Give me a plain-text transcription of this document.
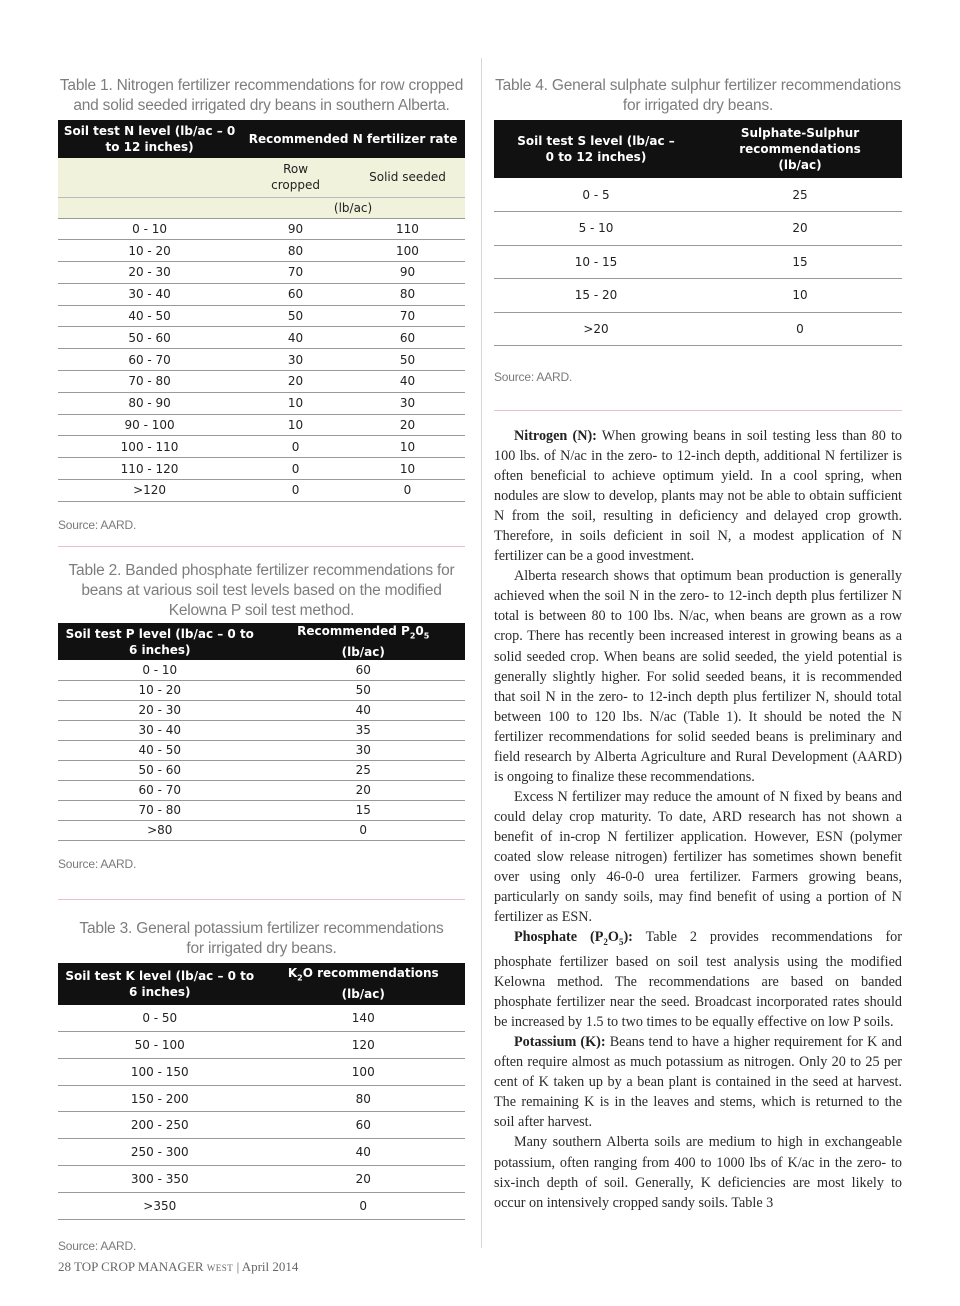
Table 1. Nitrogen fertilizer recommendations for row cropped and solid seeded irrigated dry beans in southern Alberta.
Soil test N level (lb/ac – 0 to 12 inches)	Recommended N fertilizer rate	
	Row cropped	Solid seeded
	(lb/ac)	
0 - 10	90	110
10 - 20	80	100
20 - 30	70	90
30 - 40	60	80
40 - 50	50	70
50 - 60	40	60
60 - 70	30	50
70 - 80	20	40
80 - 90	10	30
90 - 100	10	20
100 - 110	0	10
110 - 120	0	10
>120	0	0
Source: AARD.
Table 2. Banded phosphate fertilizer recommendations for beans at various soil test levels based on the modified Kelowna P soil test method.
Soil test P level (lb/ac – 0 to 6 inches)	Recommended $P_20_5$
(lb/ac)
0 - 10	60
10 - 20	50
20 - 30	40
30 - 40	35
40 - 50	30
50 - 60	25
60 - 70	20
70 - 80	15
>80	0
Source: AARD.
Table 3. General potassium fertilizer recommendations for irrigated dry beans.
Soil test K level (lb/ac – 0 to 6 inches)	$K_2O$ recommendations
(lb/ac)
0 - 50	140
50 - 100	120
100 - 150	100
150 - 200	80
200 - 250	60
250 - 300	40
300 - 350	20
>350	0
Source: AARD.
Table 4. General sulphate sulphur fertilizer recommendations for irrigated dry beans.
Soil test S level (lb/ac – 0 to 12 inches)	Sulphate-Sulphur recommendations (lb/ac)
0 - 5	25
5 - 10	20
10 - 15	15
15 - 20	10
>20	0
Source: AARD.

Nitrogen (N): When growing beans in soil testing less than 80 to 100 lbs. of N/ac in the zero- to 12-inch depth, additional N fertilizer is often beneficial to achieve optimum yield. In a cool spring, when nodules are slow to develop, plants may not be able to obtain sufficient N from the soil, resulting in deficiency and delayed crop growth. Therefore, in soils deficient in soil N, a modest application of N fertilizer can be a good investment.

Alberta research shows that optimum bean production is generally achieved when the soil N in the zero- to 12-inch depth plus fertilizer N total is between 80 to 100 lbs. N/ac, when beans are grown as a row crop. There has recently been increased interest in growing beans as a solid seeded crop. When beans are solid seeded, the yield potential is generally slightly higher. For solid seeded beans, it is recommended that soil N in the zero- to 12-inch depth plus fertilizer N, should total between 100 to 120 lbs. N/ac (Table 1). It should be noted the N fertilizer recommendations for solid seeded beans is preliminary and field research by Alberta Agriculture and Rural Development (AARD) is ongoing to finalize these recommendations.

Excess N fertilizer may reduce the amount of N fixed by beans and could delay crop maturity. To date, ARD research has not shown a benefit of in-crop N fertilizer application. However, ESN (polymer coated slow release nitrogen) fertilizer has sometimes shown benefit over using only 46-0-0 urea fertilizer. Farmers growing beans, particularly on sandy soils, may find benefit of using a portion of N fertilizer as ESN.

Phosphate $(P_2O_5)$: Table 2 provides recommendations for phosphate fertilizer based on soil test analysis using the modified Kelowna method. The recommendations are based on banded phosphate fertilizer near the seed. Broadcast incorporated rates should be increased by 1.5 to two times to be equally effective on low P soils.

Potassium (K): Beans tend to have a higher requirement for K and often require almost as much potassium as nitrogen. Only 20 to 25 per cent of K taken up by a bean plant is contained in the seed at harvest. The remaining K is in the leaves and stems, which is returned to the soil after harvest.

Many southern Alberta soils are medium to high in exchangeable potassium, often ranging from 400 to 1000 lbs of K/ac in the zero- to six-inch depth of soil. Generally, K deficiencies are most likely to occur on intensively cropped sandy soils. Table 3

28 TOP CROP MANAGER WEST | April 2014
